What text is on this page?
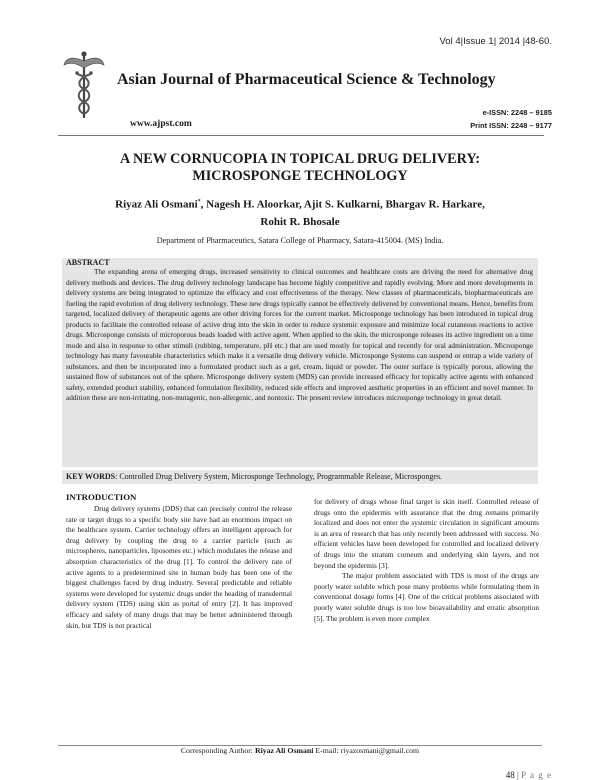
Vol 4|Issue 1| 2014 |48-60.
Asian Journal of Pharmaceutical Science & Technology
www.ajpst.com
e-ISSN: 2248 – 9185
Print ISSN: 2248 – 9177
A NEW CORNUCOPIA IN TOPICAL DRUG DELIVERY:
MICROSPONGE TECHNOLOGY
Riyaz Ali Osmani*, Nagesh H. Aloorkar, Ajit S. Kulkarni, Bhargav R. Harkare,
Rohit R. Bhosale
Department of Pharmaceutics, Satara College of Pharmacy, Satara-415004. (MS) India.
ABSTRACT
The expanding arena of emerging drugs, increased sensitivity to clinical outcomes and healthcare costs are driving the need for alternative drug delivery methods and devices. The drug delivery technology landscape has become highly competitive and rapidly evolving. More and more developments in delivery systems are being integrated to optimize the efficacy and cost effectiveness of the therapy. New classes of pharmaceuticals, biopharmaceuticals are fueling the rapid evolution of drug delivery technology. These new drugs typically cannot be effectively delivered by conventional means. Hence, benefits from targeted, localized delivery of therapeutic agents are other driving forces for the current market. Microsponge technology has been introduced in topical drug products to facilitate the controlled release of active drug into the skin in order to reduce systemic exposure and minimize local cutaneous reactions to active drugs. Microsponge consists of microporous beads loaded with active agent. When applied to the skin, the microsponge releases its active ingredient on a time mode and also in response to other stimuli (rubbing, temperature, pH etc.) that are used mostly for topical and recently for oral administration. Microsponge technology has many favourable characteristics which make it a versatile drug delivery vehicle. Microsponge Systems can suspend or entrap a wide variety of substances, and then be incorporated into a formulated product such as a gel, cream, liquid or powder. The outer surface is typically porous, allowing the sustained flow of substances out of the sphere. Microsponge delivery system (MDS) can provide increased efficacy for topically active agents with enhanced safety, extended product stability, enhanced formulation flexibility, reduced side effects and improved aesthetic properties in an efficient and novel manner. In addition these are non-irritating, non-mutagenic, non-allergenic, and nontoxic. The present review introduces microsponge technology in great detail.
KEY WORDS: Controlled Drug Delivery System, Microsponge Technology, Programmable Release, Microsponges.
INTRODUCTION
Drug delivery systems (DDS) that can precisely control the release rate or target drugs to a specific body site have had an enormous impact on the healthcare system. Carrier technology offers an intelligent approach for drug delivery by coupling the drug to a carrier particle (such as microspheres, nanoparticles, liposomes etc.) which modulates the release and absorption characteristics of the drug [1]. To control the delivery rate of active agents to a predetermined site in human body has been one of the biggest challenges faced by drug industry. Several predictable and reliable systems were developed for systemic drugs under the heading of transdermal delivery system (TDS) using skin as portal of entry [2]. It has improved efficacy and safety of many drugs that may be better administered through skin, but TDS is not practical

for delivery of drugs whose final target is skin itself. Controlled release of drugs onto the epidermis with assurance that the drug remains primarily localized and does not enter the systemic circulation in significant amounts is an area of research that has only recently been addressed with success. No efficient vehicles have been developed for controlled and localized delivery of drugs into the stratum corneum and underlying skin layers, and not beyond the epidermis [3].

The major problem associated with TDS is most of the drugs are poorly water soluble which pose many problems while formulating them in conventional dosage forms [4]. One of the critical problems associated with poorly water soluble drugs is too low bioavailability and erratic absorption [5]. The problem is even more complex

Corresponding Author: Riyaz Ali Osmani E-mail: riyazosmani@gmail.com
48 | P a g e
